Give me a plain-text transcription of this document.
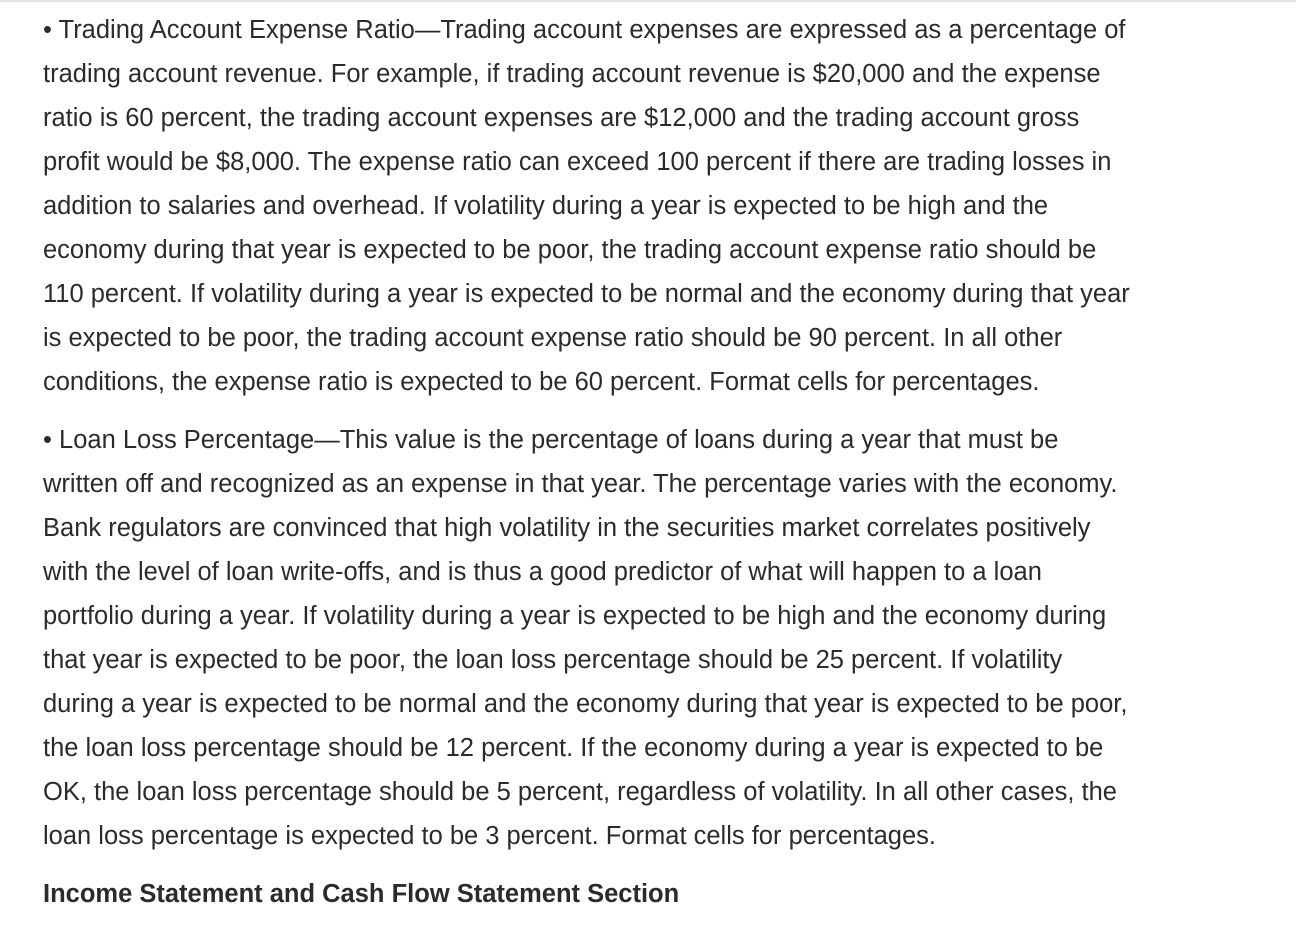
• Trading Account Expense Ratio—Trading account expenses are expressed as a percentage of
trading account revenue. For example, if trading account revenue is $20,000 and the expense
ratio is 60 percent, the trading account expenses are $12,000 and the trading account gross
profit would be $8,000. The expense ratio can exceed 100 percent if there are trading losses in
addition to salaries and overhead. If volatility during a year is expected to be high and the
economy during that year is expected to be poor, the trading account expense ratio should be
110 percent. If volatility during a year is expected to be normal and the economy during that year
is expected to be poor, the trading account expense ratio should be 90 percent. In all other
conditions, the expense ratio is expected to be 60 percent. Format cells for percentages.

• Loan Loss Percentage—This value is the percentage of loans during a year that must be
written off and recognized as an expense in that year. The percentage varies with the economy.
Bank regulators are convinced that high volatility in the securities market correlates positively
with the level of loan write-offs, and is thus a good predictor of what will happen to a loan
portfolio during a year. If volatility during a year is expected to be high and the economy during
that year is expected to be poor, the loan loss percentage should be 25 percent. If volatility
during a year is expected to be normal and the economy during that year is expected to be poor,
the loan loss percentage should be 12 percent. If the economy during a year is expected to be
OK, the loan loss percentage should be 5 percent, regardless of volatility. In all other cases, the
loan loss percentage is expected to be 3 percent. Format cells for percentages.

Income Statement and Cash Flow Statement Section
